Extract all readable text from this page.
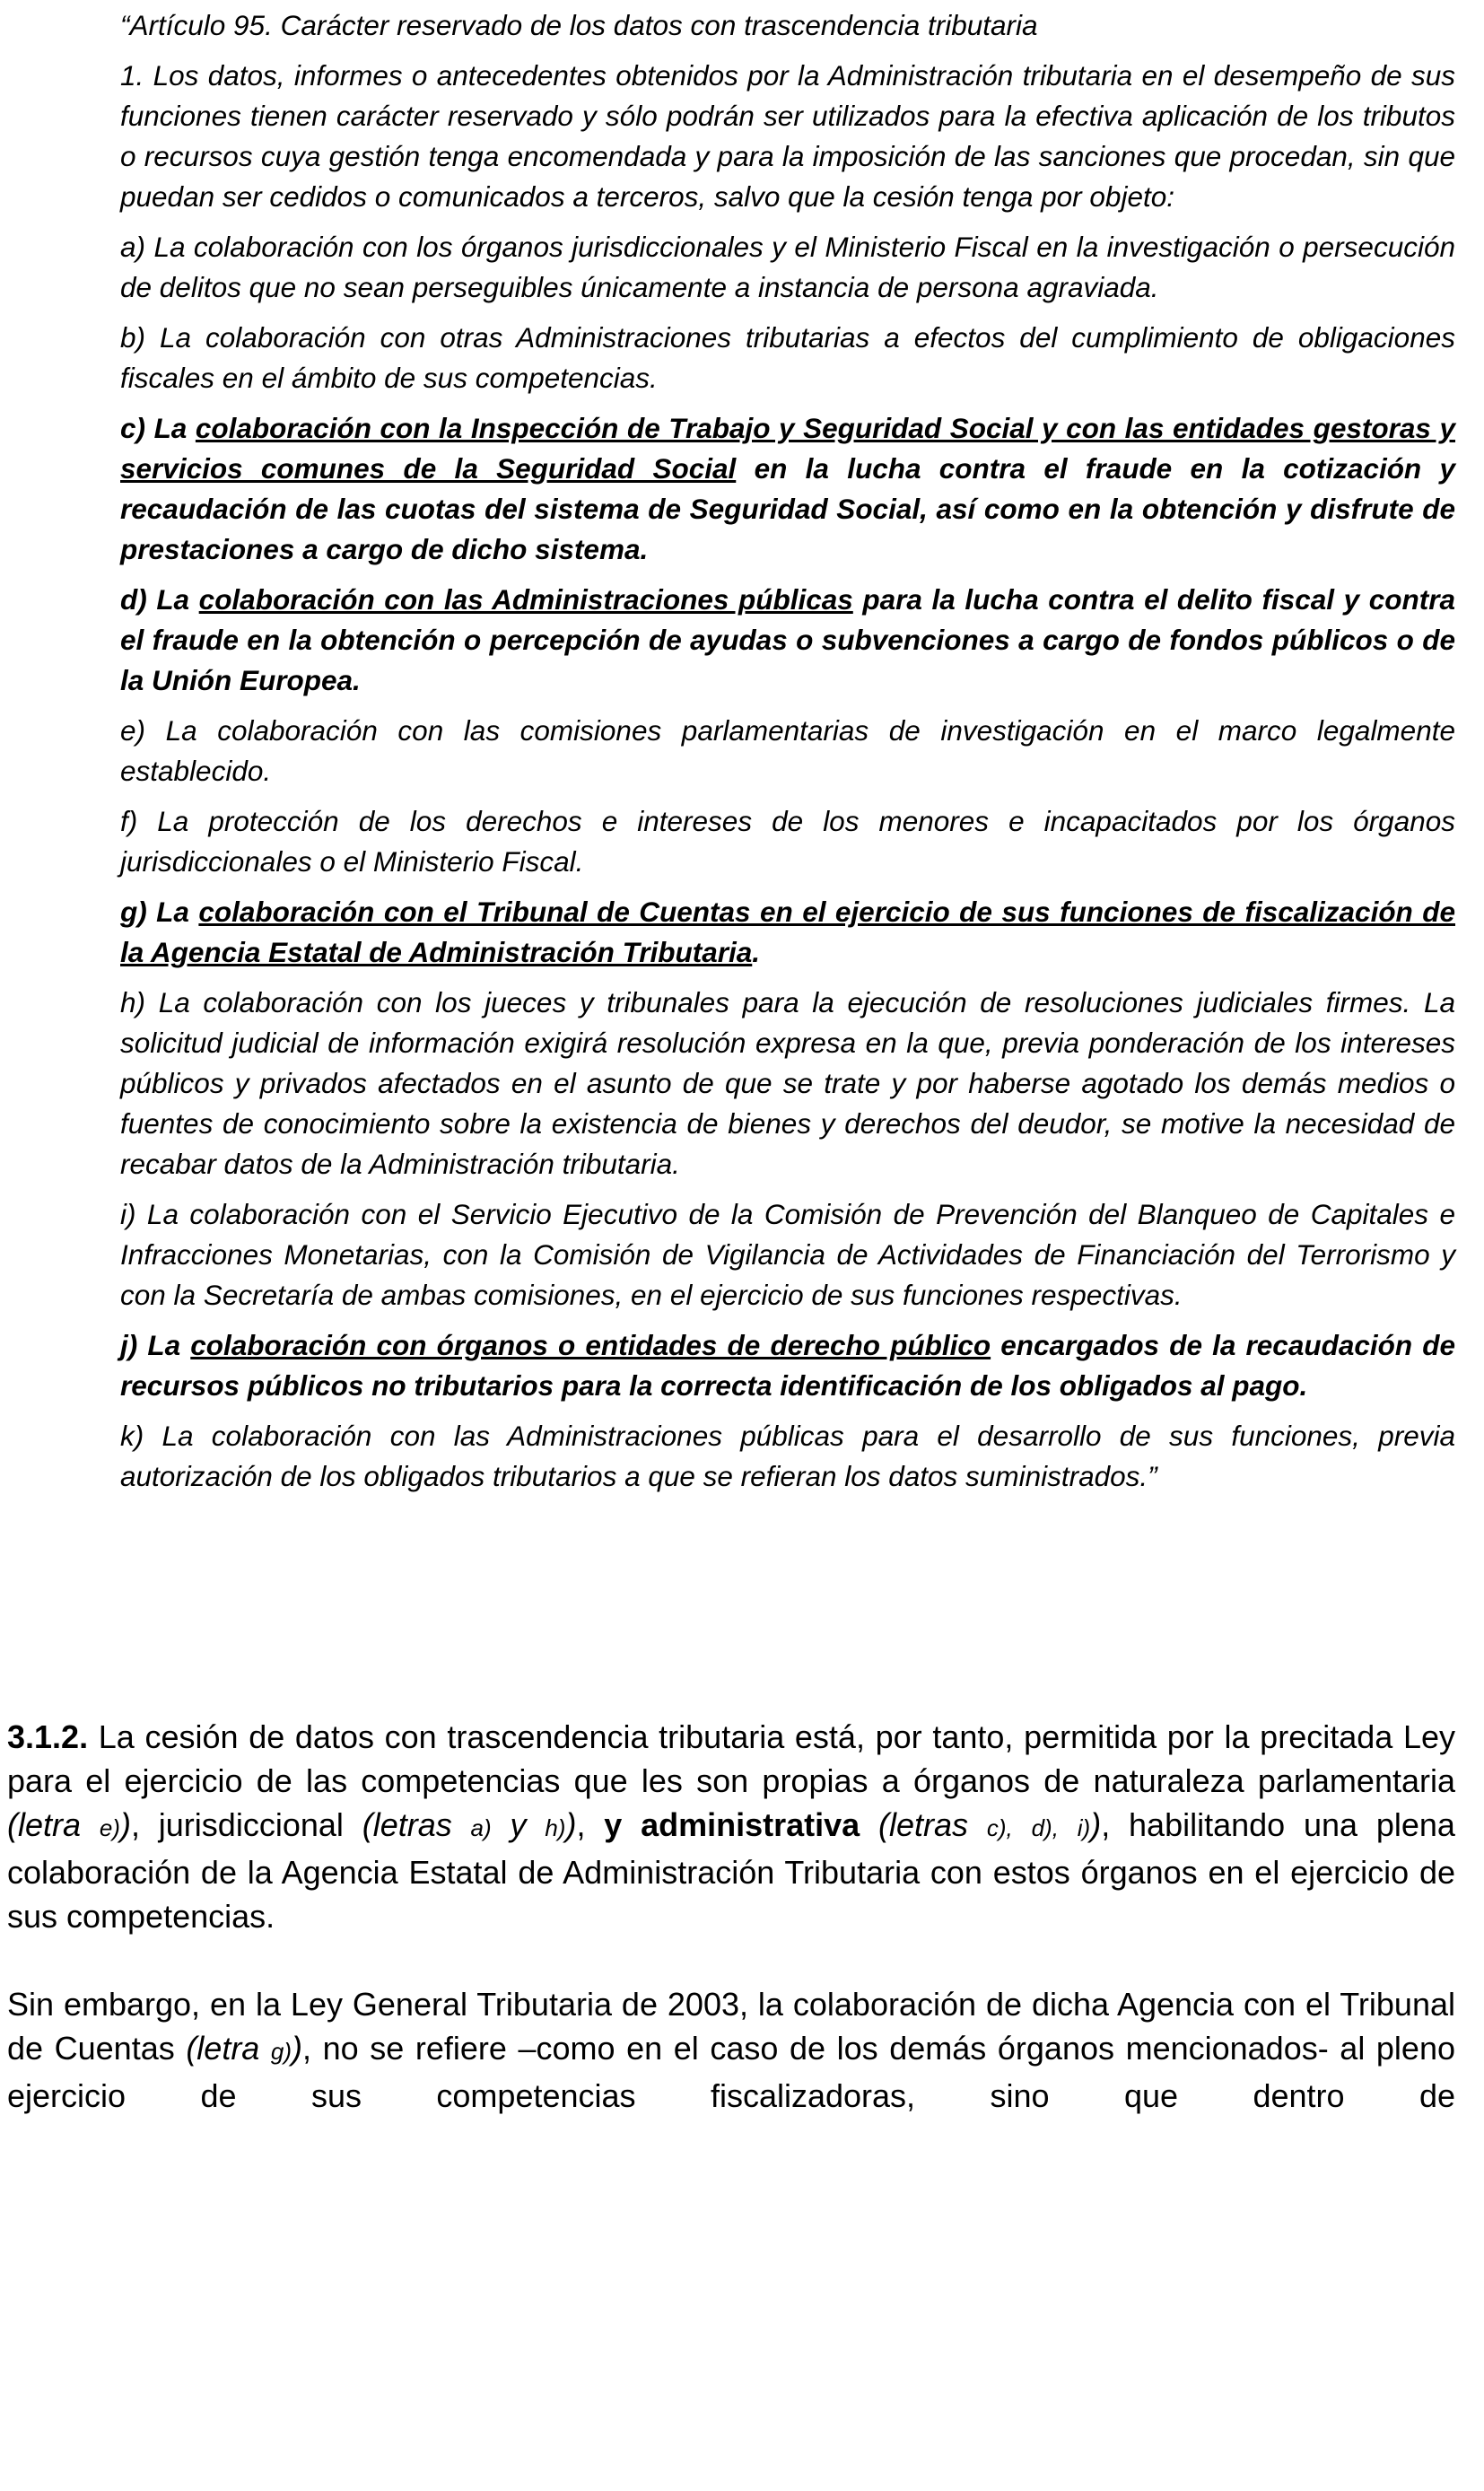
“Artículo 95. Carácter reservado de los datos con trascendencia tributaria

1. Los datos, informes o antecedentes obtenidos por la Administración tributaria en el desempeño de sus funciones tienen carácter reservado y sólo podrán ser utilizados para la efectiva aplicación de los tributos o recursos cuya gestión tenga encomendada y para la imposición de las sanciones que procedan, sin que puedan ser cedidos o comunicados a terceros, salvo que la cesión tenga por objeto:

a) La colaboración con los órganos jurisdiccionales y el Ministerio Fiscal en la investigación o persecución de delitos que no sean perseguibles únicamente a instancia de persona agraviada.

b) La colaboración con otras Administraciones tributarias a efectos del cumplimiento de obligaciones fiscales en el ámbito de sus competencias.

c) La colaboración con la Inspección de Trabajo y Seguridad Social y con las entidades gestoras y servicios comunes de la Seguridad Social en la lucha contra el fraude en la cotización y recaudación de las cuotas del sistema de Seguridad Social, así como en la obtención y disfrute de prestaciones a cargo de dicho sistema.

d) La colaboración con las Administraciones públicas para la lucha contra el delito fiscal y contra el fraude en la obtención o percepción de ayudas o subvenciones a cargo de fondos públicos o de la Unión Europea.

e) La colaboración con las comisiones parlamentarias de investigación en el marco legalmente establecido.

f) La protección de los derechos e intereses de los menores e incapacitados por los órganos jurisdiccionales o el Ministerio Fiscal.

g) La colaboración con el Tribunal de Cuentas en el ejercicio de sus funciones de fiscalización de la Agencia Estatal de Administración Tributaria.

h) La colaboración con los jueces y tribunales para la ejecución de resoluciones judiciales firmes. La solicitud judicial de información exigirá resolución expresa en la que, previa ponderación de los intereses públicos y privados afectados en el asunto de que se trate y por haberse agotado los demás medios o fuentes de conocimiento sobre la existencia de bienes y derechos del deudor, se motive la necesidad de recabar datos de la Administración tributaria.

i) La colaboración con el Servicio Ejecutivo de la Comisión de Prevención del Blanqueo de Capitales e Infracciones Monetarias, con la Comisión de Vigilancia de Actividades de Financiación del Terrorismo y con la Secretaría de ambas comisiones, en el ejercicio de sus funciones respectivas.

j) La colaboración con órganos o entidades de derecho público encargados de la recaudación de recursos públicos no tributarios para la correcta identificación de los obligados al pago.

k) La colaboración con las Administraciones públicas para el desarrollo de sus funciones, previa autorización de los obligados tributarios a que se refieran los datos suministrados.”

3.1.2. La cesión de datos con trascendencia tributaria está, por tanto, permitida por la precitada Ley para el ejercicio de las competencias que les son propias a órganos de naturaleza parlamentaria (letra e)), jurisdiccional (letras a) y h)), y administrativa (letras c), d), i)), habilitando una plena colaboración de la Agencia Estatal de Administración Tributaria con estos órganos en el ejercicio de sus competencias.

Sin embargo, en la Ley General Tributaria de 2003, la colaboración de dicha Agencia con el Tribunal de Cuentas (letra g)), no se refiere –como en el caso de los demás órganos mencionados- al pleno ejercicio de sus competencias fiscalizadoras, sino que dentro de
